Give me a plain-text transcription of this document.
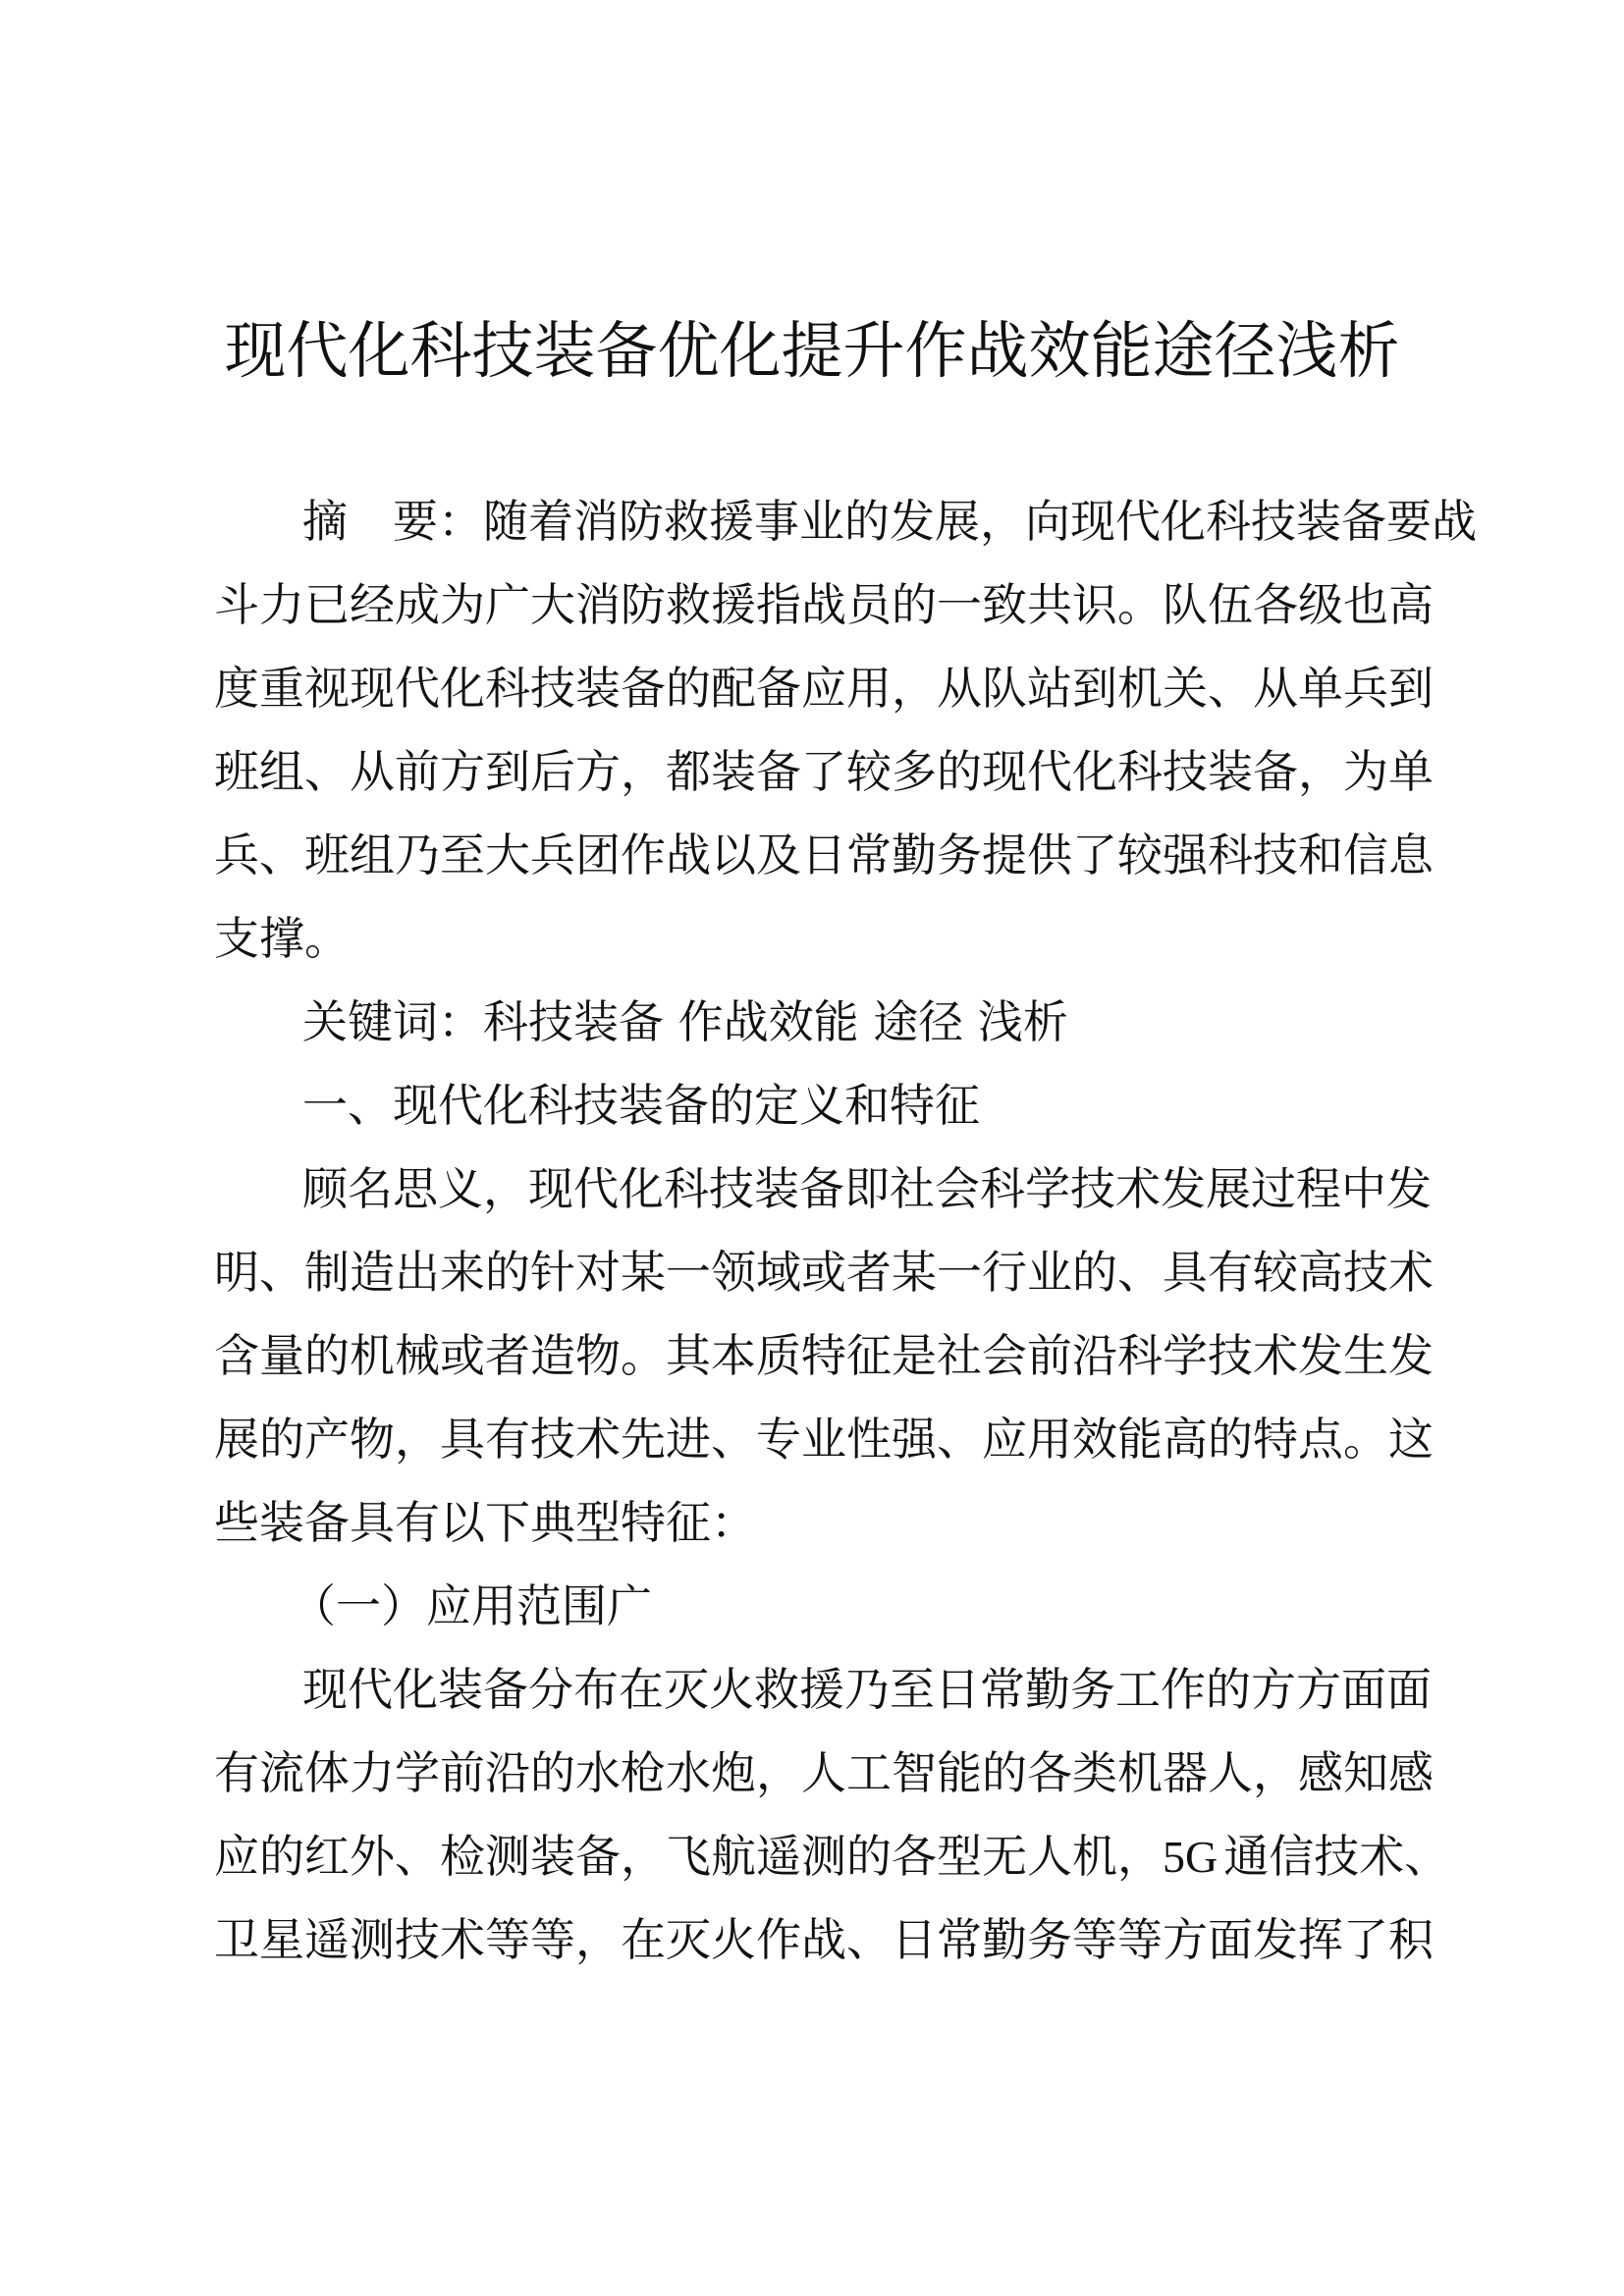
现代化科技装备优化提升作战效能途径浅析
摘　要：随着消防救援事业的发展，向现代化科技装备要战
斗力已经成为广大消防救援指战员的一致共识。队伍各级也高
度重视现代化科技装备的配备应用，从队站到机关、从单兵到
班组、从前方到后方，都装备了较多的现代化科技装备，为单
兵、班组乃至大兵团作战以及日常勤务提供了较强科技和信息
支撑。
关键词：科技装备 作战效能 途径 浅析
一、现代化科技装备的定义和特征
顾名思义，现代化科技装备即社会科学技术发展过程中发
明、制造出来的针对某一领域或者某一行业的、具有较高技术
含量的机械或者造物。其本质特征是社会前沿科学技术发生发
展的产物，具有技术先进、专业性强、应用效能高的特点。这
些装备具有以下典型特征：
（一）应用范围广
现代化装备分布在灭火救援乃至日常勤务工作的方方面面
有流体力学前沿的水枪水炮，人工智能的各类机器人，感知感
应的红外、检测装备，飞航遥测的各型无人机，5G 通信技术、
卫星遥测技术等等，在灭火作战、日常勤务等等方面发挥了积
